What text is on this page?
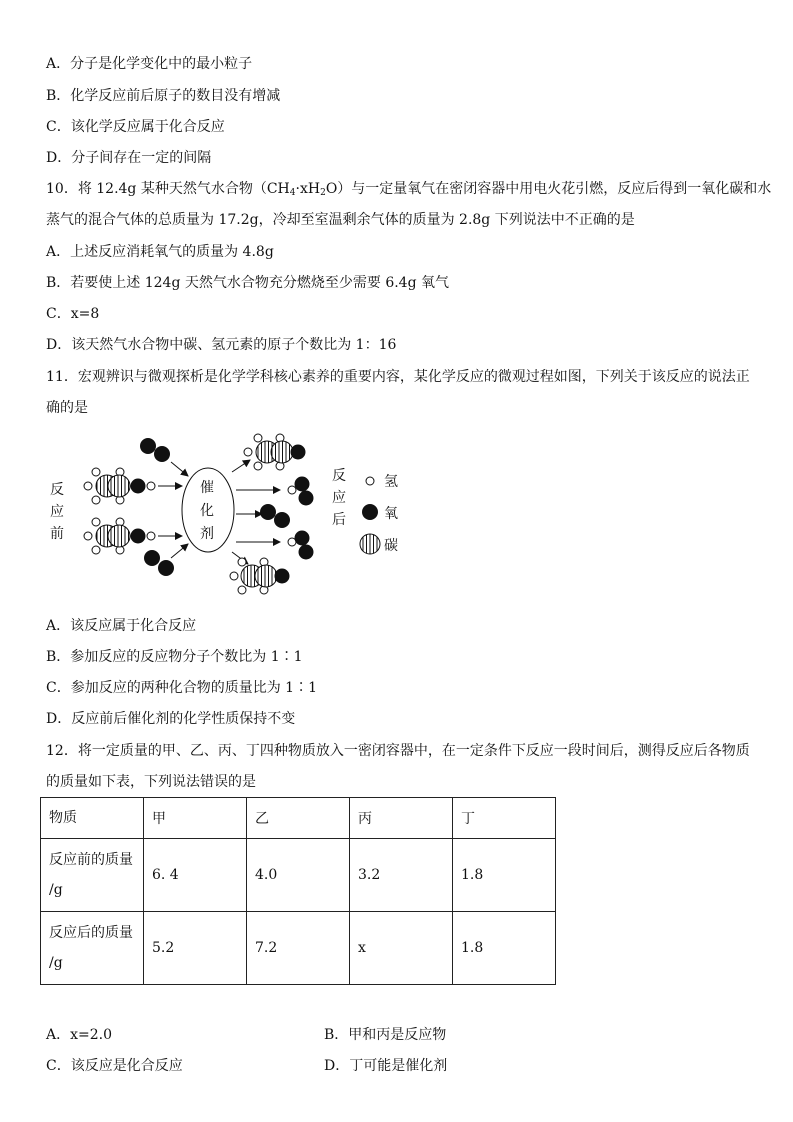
A．分子是化学变化中的最小粒子
B．化学反应前后原子的数目没有增减
C．该化学反应属于化合反应
D．分子间存在一定的间隔
10．将 12.4g 某种天然气水合物$(CH_4\cdot xH_2O)$与一定量氧气在密闭容器中用电火花引燃，反应后得到一氧化碳和水
蒸气的混合气体的总质量为 17.2g，冷却至室温剩余气体的质量为 2.8g 下列说法中不正确的是
A．上述反应消耗氧气的质量为 4.8g
B．若要使上述 124g 天然气水合物充分燃烧至少需要 6.4g 氧气
C．x=8
D．该天然气水合物中碳、氢元素的原子个数比为 1：16
11．宏观辨识与微观探析是化学学科核心素养的重要内容，某化学反应的微观过程如图，下列关于该反应的说法正
确的是
反
应
前
催
化
剂
反
应
后
氢
氧
碳
A．该反应属于化合反应
B．参加反应的反应物分子个数比为 1∶1
C．参加反应的两种化合物的质量比为 1∶1
D．反应前后催化剂的化学性质保持不变
12．将一定质量的甲、乙、丙、丁四种物质放入一密闭容器中，在一定条件下反应一段时间后，测得反应后各物质
的质量如下表，下列说法错误的是
物质	甲	乙	丙	丁

反应前的质量
/g	6. 4	4.0	3.2	1.8

反应后的质量
/g	5.2	7.2	x	1.8
A．x=2.0	B．甲和丙是反应物
C．该反应是化合反应	D．丁可能是催化剂
